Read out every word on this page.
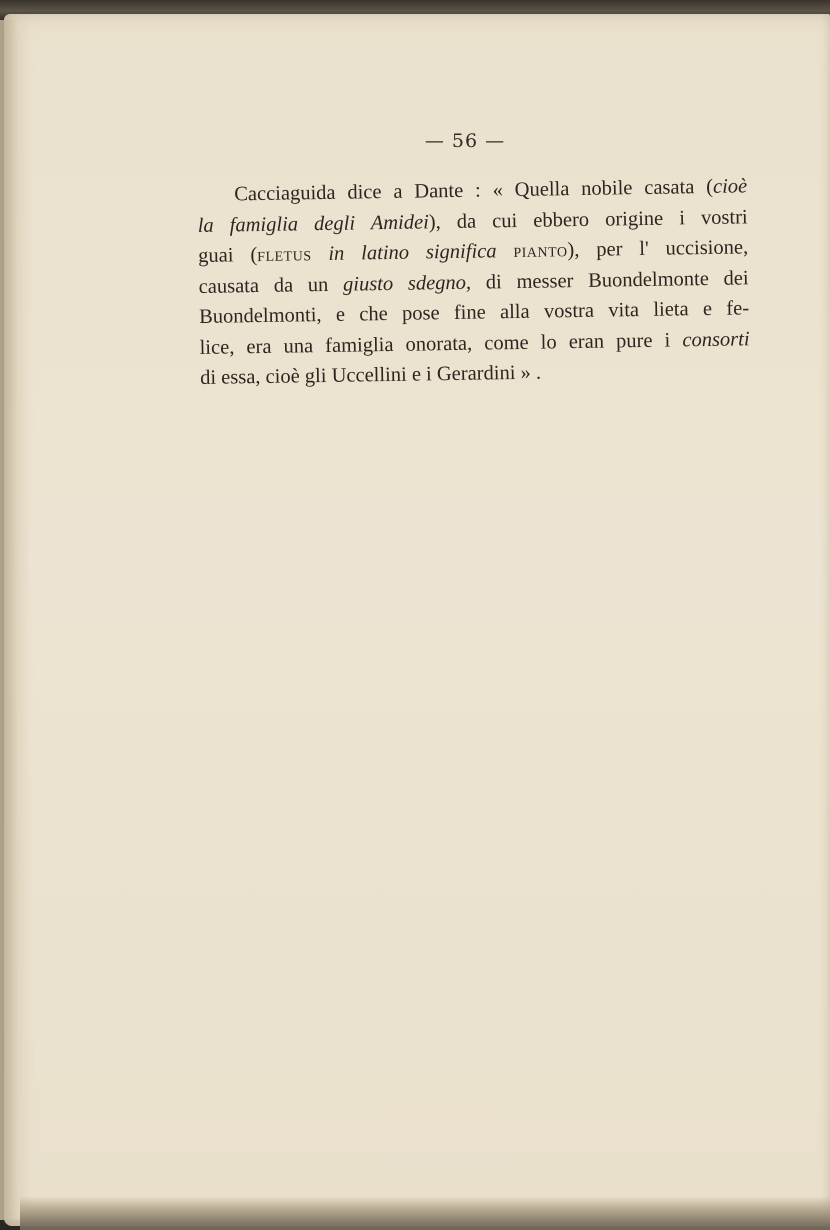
— 56 —
Cacciaguida dice a Dante : « Quella nobile casata (cioè
la famiglia degli Amidei), da cui ebbero origine i vostri
guai (fletus in latino significa pianto), per l' uccisione,
causata da un giusto sdegno, di messer Buondelmonte dei
Buondelmonti, e che pose fine alla vostra vita lieta e fe-
lice, era una famiglia onorata, come lo eran pure i consorti
di essa, cioè gli Uccellini e i Gerardini » .
